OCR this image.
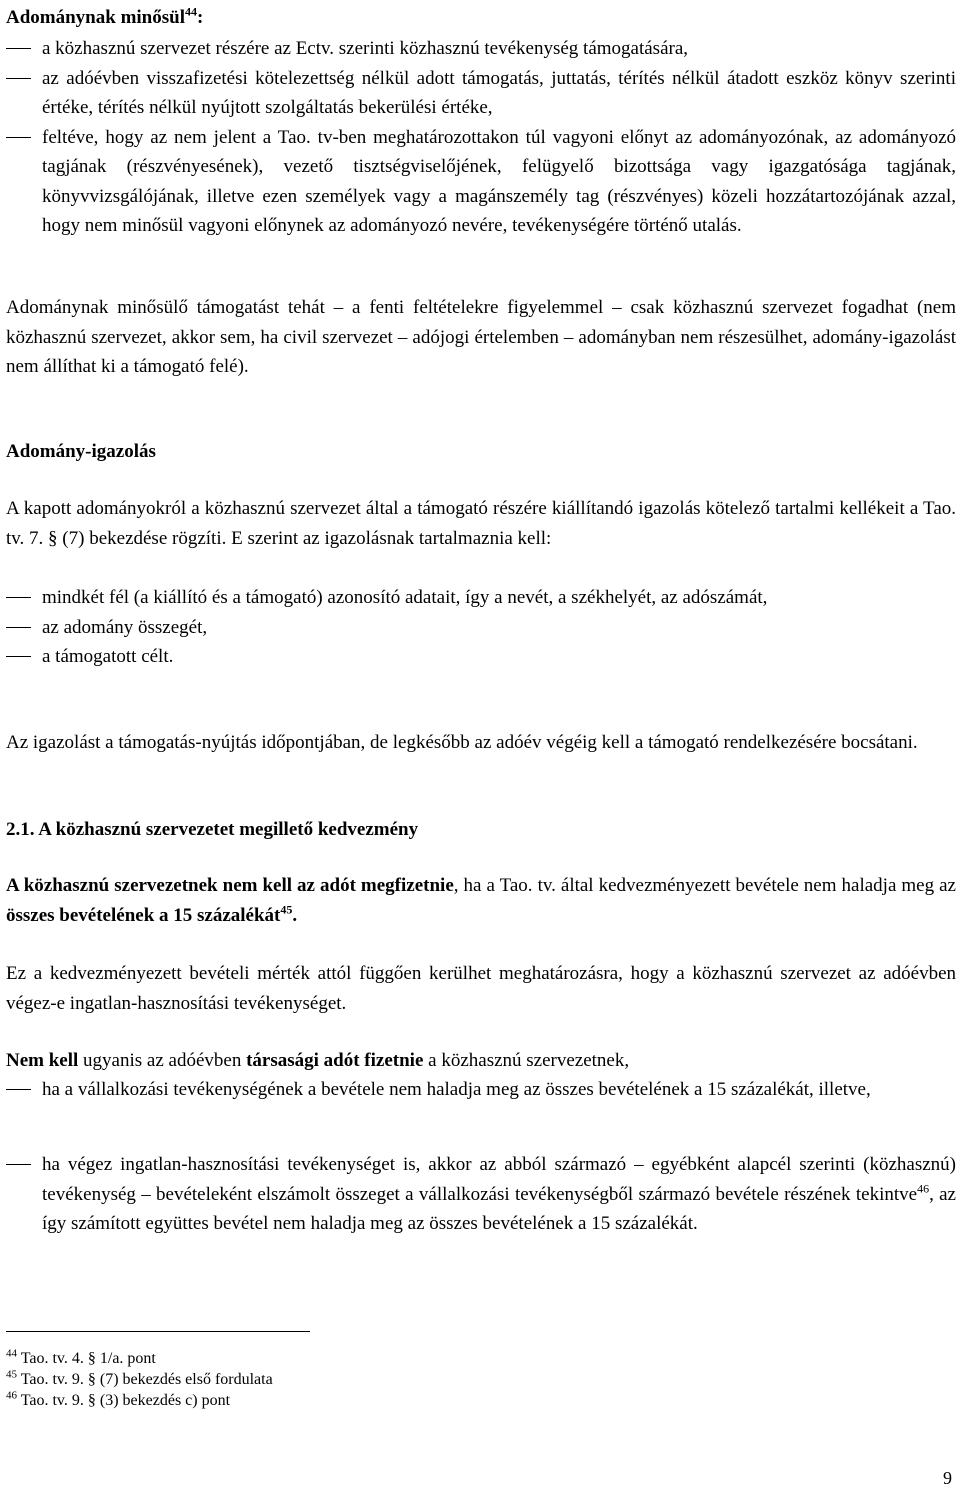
Adománynak minősül$^{44}$:
a közhasznú szervezet részére az Ectv. szerinti közhasznú tevékenység támogatására,
az adóévben visszafizetési kötelezettség nélkül adott támogatás, juttatás, térítés nélkül átadott eszköz könyv szerinti értéke, térítés nélkül nyújtott szolgáltatás bekerülési értéke,
feltéve, hogy az nem jelent a Tao. tv-ben meghatározottakon túl vagyoni előnyt az adományozónak, az adományozó tagjának (részvényesének), vezető tisztségviselőjének, felügyelő bizottsága vagy igazgatósága tagjának, könyvvizsgálójának, illetve ezen személyek vagy a magánszemély tag (részvényes) közeli hozzátartozójának azzal, hogy nem minősül vagyoni előnynek az adományozó nevére, tevékenységére történő utalás.

Adománynak minősülő támogatást tehát ‒ a fenti feltételekre figyelemmel ‒ csak közhasznú szervezet fogadhat (nem közhasznú szervezet, akkor sem, ha civil szervezet ‒ adójogi értelemben ‒ adományban nem részesülhet, adomány-igazolást nem állíthat ki a támogató felé).

Adomány-igazolás

A kapott adományokról a közhasznú szervezet által a támogató részére kiállítandó igazolás kötelező tartalmi kellékeit a Tao. tv. 7. § (7) bekezdése rögzíti. E szerint az igazolásnak tartalmaznia kell:

mindkét fél (a kiállító és a támogató) azonosító adatait, így a nevét, a székhelyét, az adószámát,
az adomány összegét,
a támogatott célt.

Az igazolást a támogatás-nyújtás időpontjában, de legkésőbb az adóév végéig kell a támogató rendelkezésére bocsátani.

2.1. A közhasznú szervezetet megillető kedvezmény

A közhasznú szervezetnek nem kell az adót megfizetnie, ha a Tao. tv. által kedvezményezett bevétele nem haladja meg az összes bevételének a 15 százalékát$^{45}$.

Ez a kedvezményezett bevételi mérték attól függően kerülhet meghatározásra, hogy a közhasznú szervezet az adóévben végez-e ingatlan-hasznosítási tevékenységet.

Nem kell ugyanis az adóévben társasági adót fizetnie a közhasznú szervezetnek,

ha a vállalkozási tevékenységének a bevétele nem haladja meg az összes bevételének a 15 százalékát, illetve,
ha végez ingatlan-hasznosítási tevékenységet is, akkor az abból származó ‒ egyébként alapcél szerinti (közhasznú) tevékenység ‒ bevételeként elszámolt összeget a vállalkozási tevékenységből származó bevétele részének tekintve$^{46}$, az így számított együttes bevétel nem haladja meg az összes bevételének a 15 százalékát.
$^{44}$ Tao. tv. 4. § 1/a. pont
$^{45}$ Tao. tv. 9. § (7) bekezdés első fordulata
$^{46}$ Tao. tv. 9. § (3) bekezdés c) pont
9
